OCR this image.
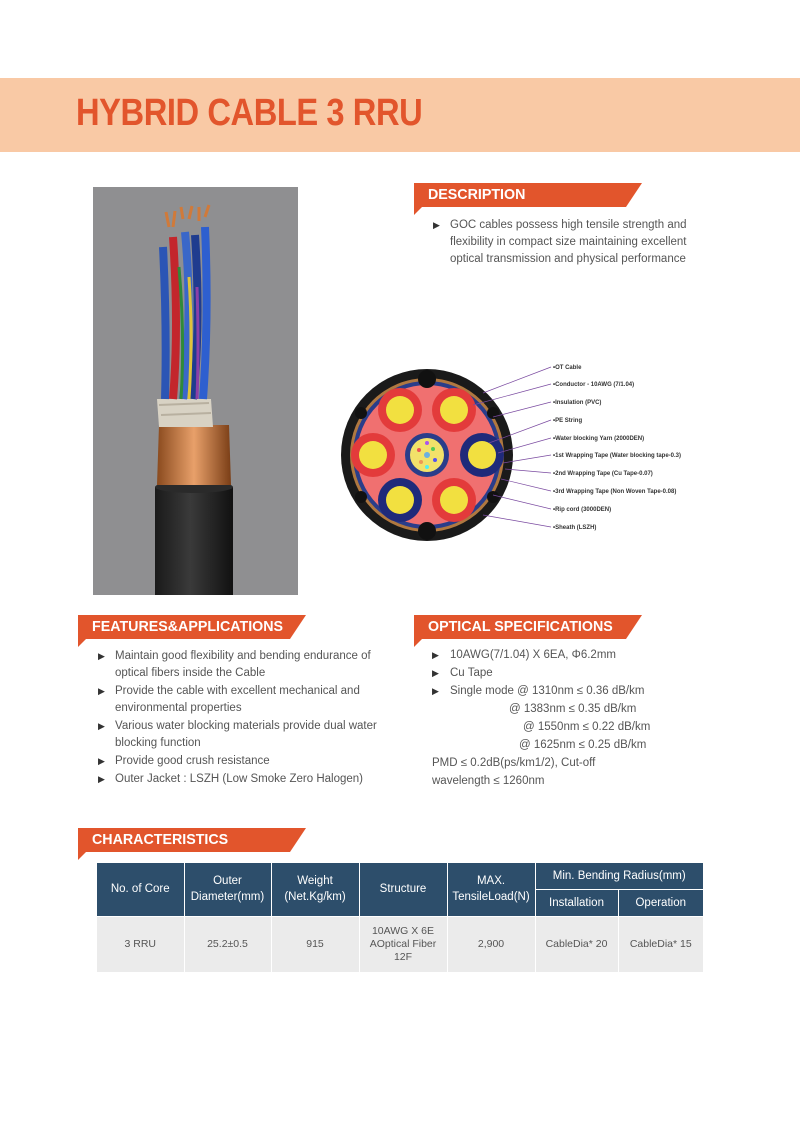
HYBRID CABLE 3 RRU
DESCRIPTION
▶ GOC cables possess high tensile strength and flexibility in compact size maintaining excellent optical transmission and physical performance
•OT Cable
•Conductor - 10AWG (7/1.04)
•Insulation (PVC)
•PE String
•Water blocking Yarn (2000DEN)
•1st Wrapping Tape (Water blocking tape-0.3)
•2nd Wrapping Tape (Cu Tape-0.07)
•3rd Wrapping Tape (Non Woven Tape-0.08)
•Rip cord (3000DEN)
•Sheath (LSZH)
FEATURES&APPLICATIONS
▶ Maintain good flexibility and bending endurance of optical fibers inside the Cable
▶ Provide the cable with excellent mechanical and environmental properties
▶ Various water blocking materials provide dual water blocking function
▶ Provide good crush resistance
▶ Outer Jacket : LSZH (Low Smoke Zero Halogen)
OPTICAL SPECIFICATIONS
▶ 10AWG(7/1.04) X 6EA, Φ6.2mm
▶ Cu Tape
▶ Single mode @ 1310nm ≤ 0.36 dB/km
@ 1383nm ≤ 0.35 dB/km
@ 1550nm ≤ 0.22 dB/km
@ 1625nm ≤ 0.25 dB/km
PMD ≤ 0.2dB(ps/km1/2), Cut-off
wavelength ≤ 1260nm
CHARACTERISTICS
No. of Core	Outer Diameter(mm)	Weight (Net.Kg/km)	Structure	MAX. TensileLoad(N)	Min. Bending Radius(mm)	
					Installation	Operation
3 RRU	25.2±0.5	915	10AWG X 6E AOptical Fiber 12F	2,900	CableDia* 20	CableDia* 15
